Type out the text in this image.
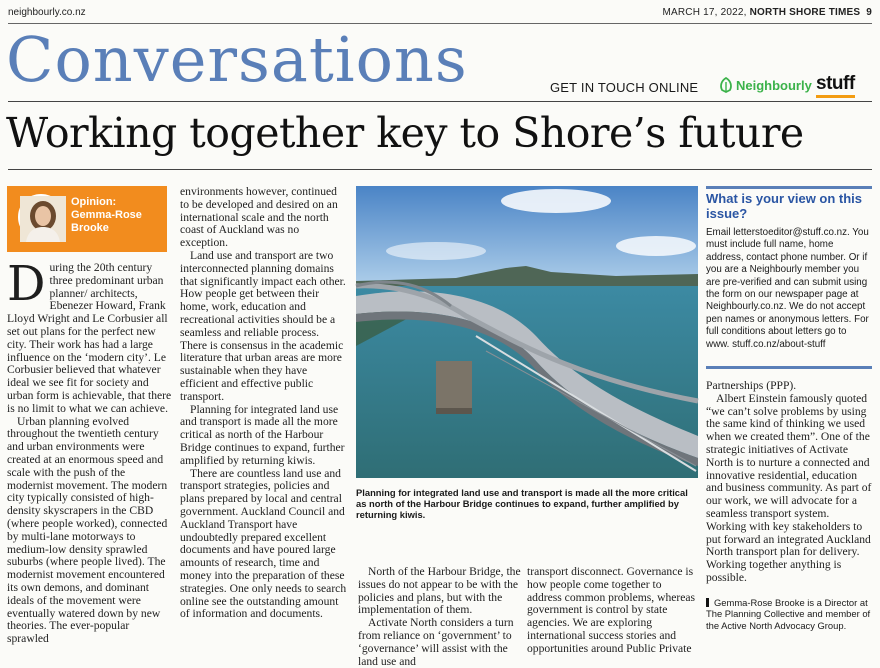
neighbourly.co.nz	MARCH 17, 2022, NORTH SHORE TIMES 9
Conversations	GET IN TOUCH ONLINE	Neighbourly stuff
Working together key to Shore’s future
Opinion:
Gemma-Rose
Brooke

During the 20th century three predominant urban planner/ architects, Ebenezer Howard, Frank Lloyd Wright and Le Corbusier all set out plans for the perfect new city. Their work has had a large influence on the ‘modern city’. Le Corbusier believed that whatever ideal we see fit for society and urban form is achievable, that there is no limit to what we can achieve.

Urban planning evolved throughout the twentieth century and urban environments were created at an enormous speed and scale with the push of the modernist movement. The modern city typically consisted of high-density skyscrapers in the CBD (where people worked), connected by multi-lane motorways to medium-low density sprawled suburbs (where people lived). The modernist movement encountered its own demons, and dominant ideals of the movement were eventually watered down by new theories. The ever-popular sprawled

environments however, continued to be developed and desired on an international scale and the north coast of Auckland was no exception.

Land use and transport are two interconnected planning domains that significantly impact each other. How people get between their home, work, education and recreational activities should be a seamless and reliable process. There is consensus in the academic literature that urban areas are more sustainable when they have efficient and effective public transport.

Planning for integrated land use and transport is made all the more critical as north of the Harbour Bridge continues to expand, further amplified by returning kiwis.

There are countless land use and transport strategies, policies and plans prepared by local and central government. Auckland Council and Auckland Transport have undoubtedly prepared excellent documents and have poured large amounts of research, time and money into the preparation of these strategies. One only needs to search online see the outstanding amount of information and documents.

Planning for integrated land use and transport is made all the more critical as north of the Harbour Bridge continues to expand, further amplified by returning kiwis.

North of the Harbour Bridge, the issues do not appear to be with the policies and plans, but with the implementation of them.

Activate North considers a turn from reliance on ‘government’ to ‘governance’ will assist with the land use and

transport disconnect. Governance is how people come together to address common problems, whereas government is control by state agencies. We are exploring international success stories and opportunities around Public Private

What is your view on this issue?
Email letterstoeditor@stuff.co.nz. You must include full name, home address, contact phone number. Or if you are a Neighbourly member you are pre-verified and can submit using the form on our newspaper page at Neighbourly.co.nz. We do not accept pen names or anonymous letters. For full conditions about letters go to www. stuff.co.nz/about-stuff

Partnerships (PPP).

Albert Einstein famously quoted “we can’t solve problems by using the same kind of thinking we used when we created them”. One of the strategic initiatives of Activate North is to nurture a connected and innovative residential, education and business community. As part of our work, we will advocate for a seamless transport system. Working with key stakeholders to put forward an integrated Auckland North transport plan for delivery. Working together anything is possible.

Gemma-Rose Brooke is a Director at The Planning Collective and member of the Active North Advocacy Group.
